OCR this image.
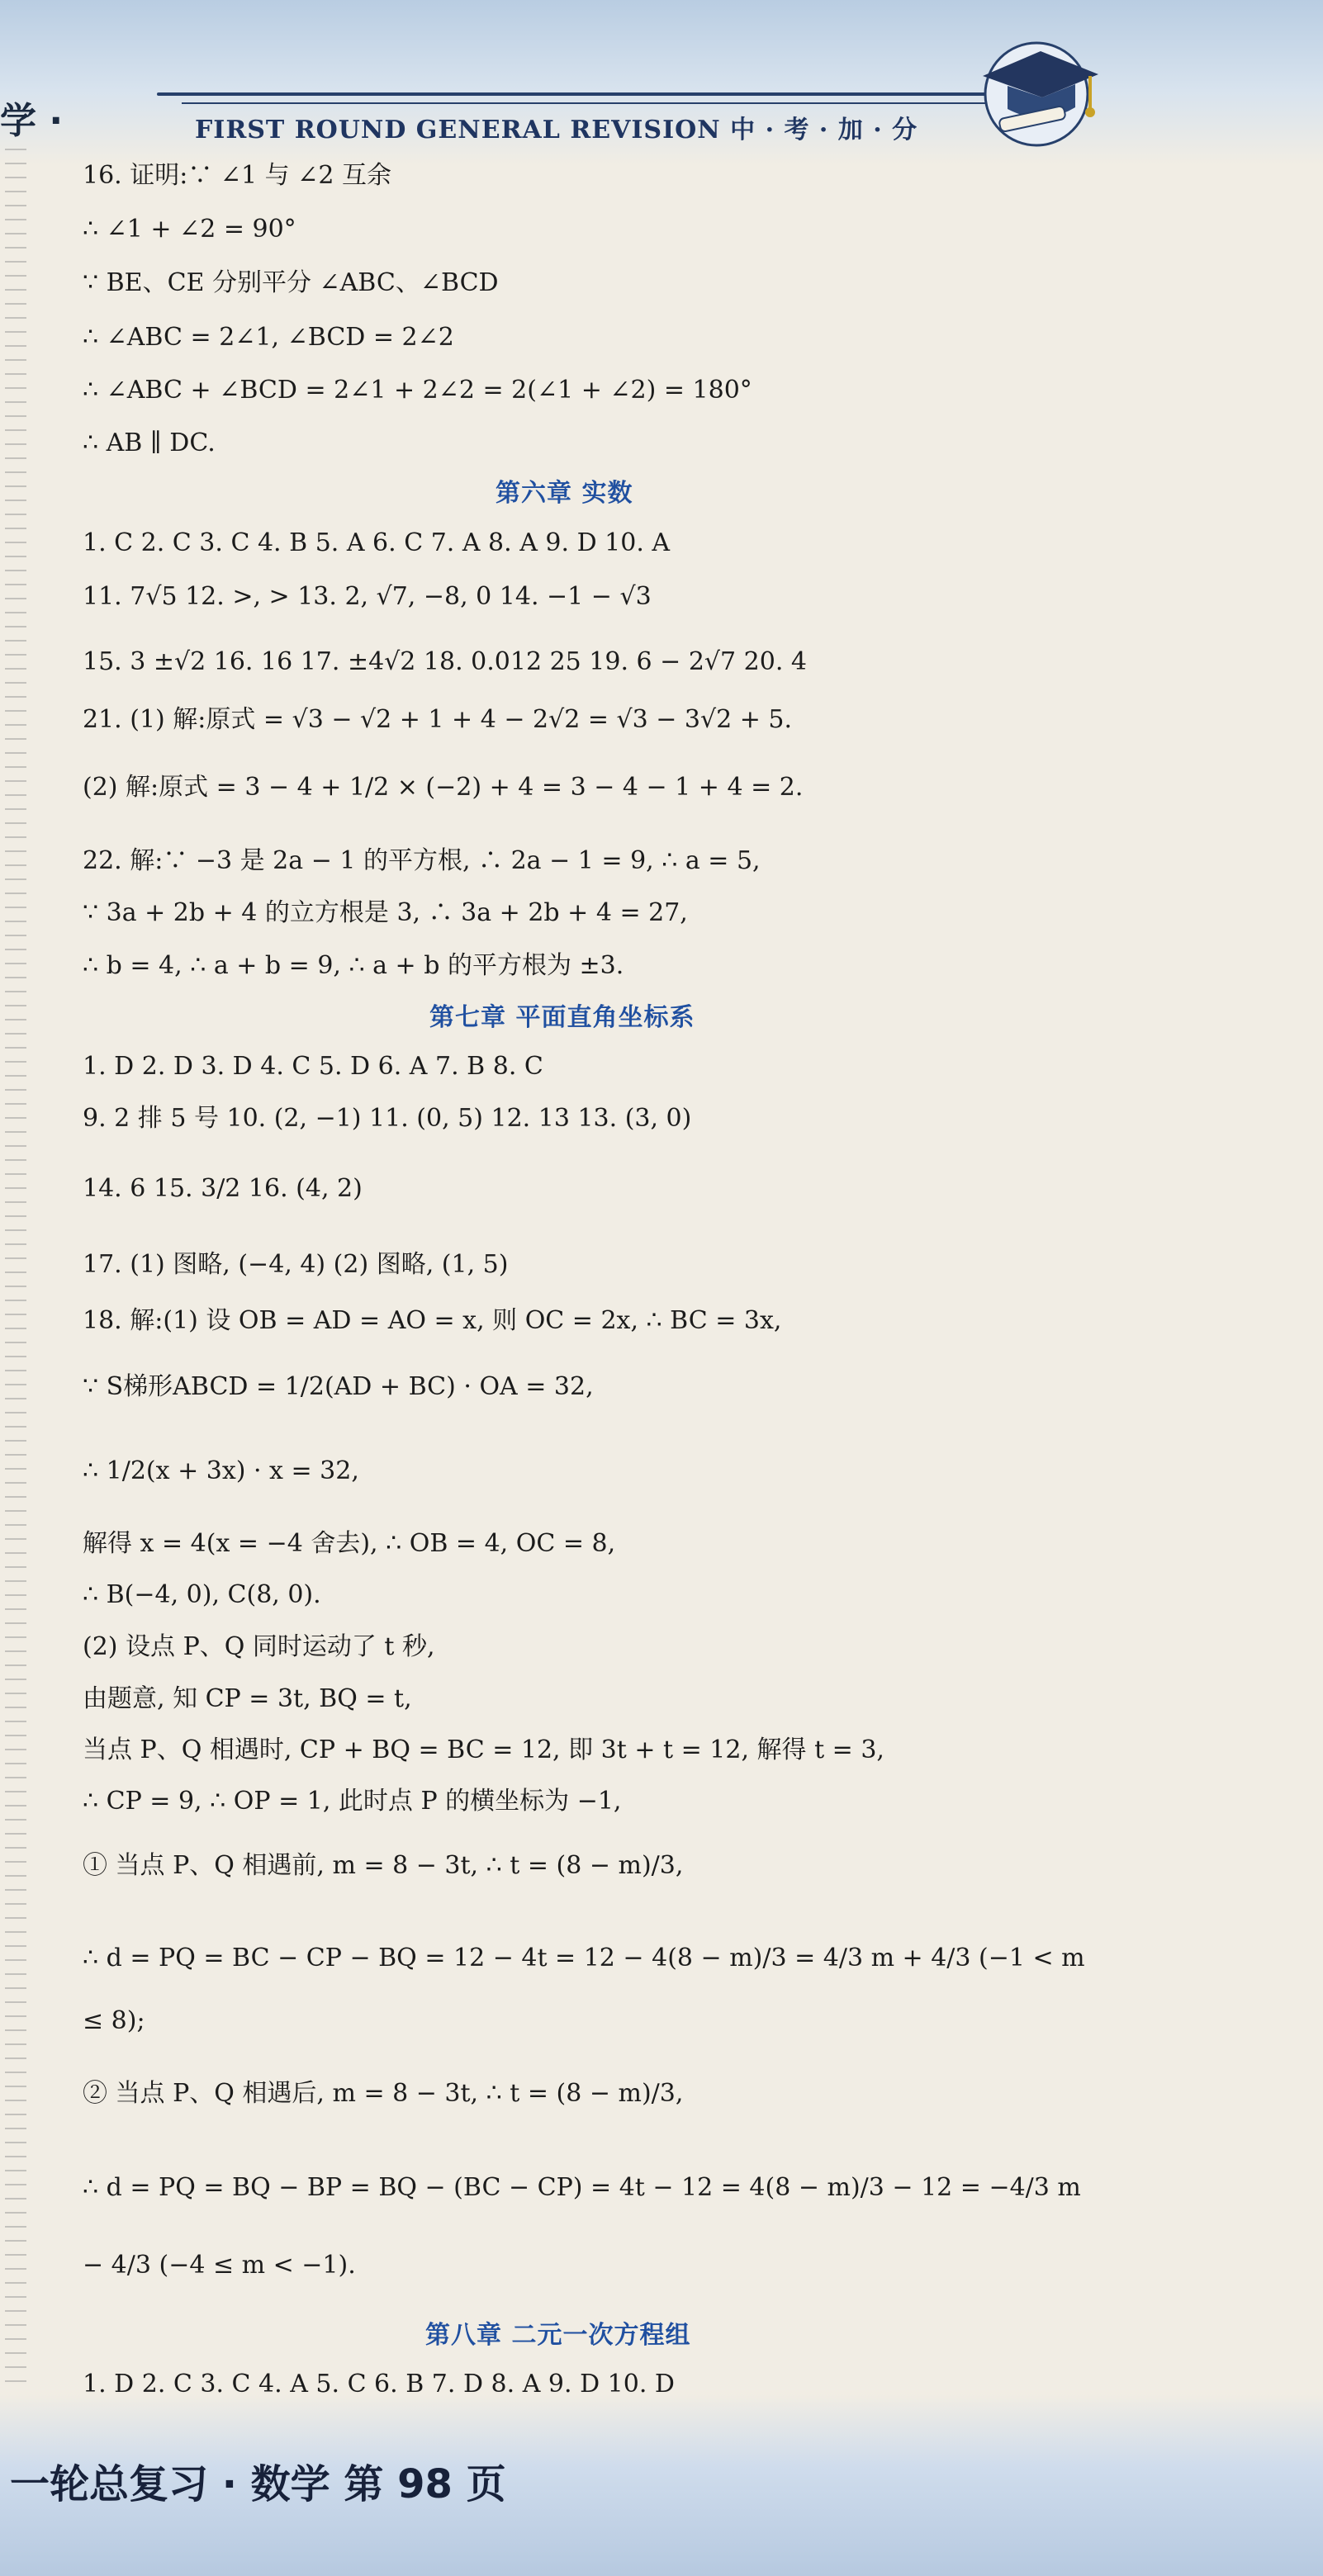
学 ·	FIRST ROUND GENERAL REVISION 中 · 考 · 加 · 分
16. 证明:∵ ∠1 与 ∠2 互余
∴ ∠1 + ∠2 = 90°
∵ BE、CE 分别平分 ∠ABC、∠BCD
∴ ∠ABC = 2∠1, ∠BCD = 2∠2
∴ ∠ABC + ∠BCD = 2∠1 + 2∠2 = 2(∠1 + ∠2) = 180°
∴ AB ∥ DC.
第六章 实数
1. C 2. C 3. C 4. B 5. A 6. C 7. A 8. A 9. D 10. A
11. 7√5 12. >, > 13. 2, √7, −8, 0 14. −1 − √3
15. 3 ±√2 16. 16 17. ±4√2 18. 0.012 25 19. 6 − 2√7 20. 4
21. (1) 解:原式 = √3 − √2 + 1 + 4 − 2√2 = √3 − 3√2 + 5.
(2) 解:原式 = 3 − 4 + 1/2 × (−2) + 4 = 3 − 4 − 1 + 4 = 2.
22. 解:∵ −3 是 2a − 1 的平方根, ∴ 2a − 1 = 9, ∴ a = 5,
∵ 3a + 2b + 4 的立方根是 3, ∴ 3a + 2b + 4 = 27,
∴ b = 4, ∴ a + b = 9, ∴ a + b 的平方根为 ±3.
第七章 平面直角坐标系
1. D 2. D 3. D 4. C 5. D 6. A 7. B 8. C
9. 2 排 5 号 10. (2, −1) 11. (0, 5) 12. 13 13. (3, 0)
14. 6 15. 3/2 16. (4, 2)
17. (1) 图略, (−4, 4) (2) 图略, (1, 5)
18. 解:(1) 设 OB = AD = AO = x, 则 OC = 2x, ∴ BC = 3x,
∵ S梯形ABCD = 1/2(AD + BC) · OA = 32,
∴ 1/2(x + 3x) · x = 32,
解得 x = 4(x = −4 舍去), ∴ OB = 4, OC = 8,
∴ B(−4, 0), C(8, 0).
(2) 设点 P、Q 同时运动了 t 秒,
由题意, 知 CP = 3t, BQ = t,
当点 P、Q 相遇时, CP + BQ = BC = 12, 即 3t + t = 12, 解得 t = 3,
∴ CP = 9, ∴ OP = 1, 此时点 P 的横坐标为 −1,
① 当点 P、Q 相遇前, m = 8 − 3t, ∴ t = (8 − m)/3,
∴ d = PQ = BC − CP − BQ = 12 − 4t = 12 − 4(8 − m)/3 = 4/3 m + 4/3 (−1 < m
≤ 8);
② 当点 P、Q 相遇后, m = 8 − 3t, ∴ t = (8 − m)/3,
∴ d = PQ = BQ − BP = BQ − (BC − CP) = 4t − 12 = 4(8 − m)/3 − 12 = −4/3 m
− 4/3 (−4 ≤ m < −1).
第八章 二元一次方程组
1. D 2. C 3. C 4. A 5. C 6. B 7. D 8. A 9. D 10. D
一轮总复习 · 数学 第 98 页
